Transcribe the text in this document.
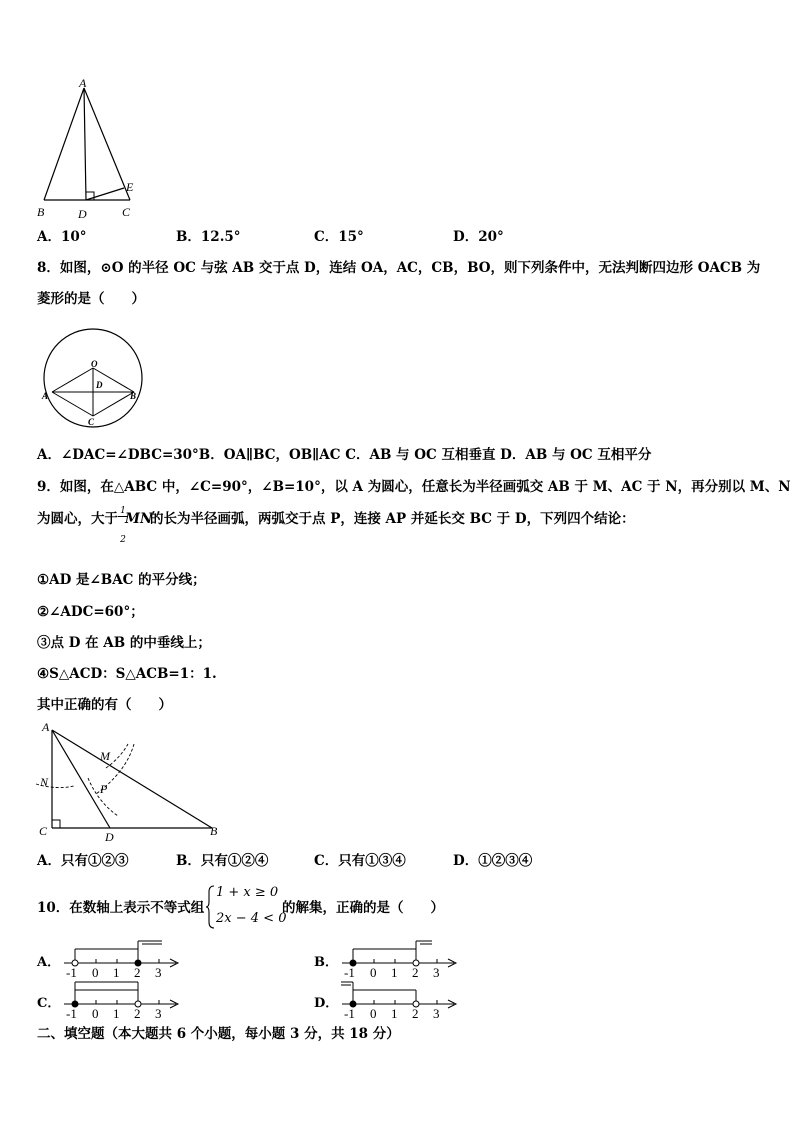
A
B	D	C
E
A．10°	B．12.5°	C．15°	D．20°
8．如图，⊙O 的半径 OC 与弦 AB 交于点 D，连结 OA，AC，CB，BO，则下列条件中，无法判断四边形 OACB 为
菱形的是（　　）
O
D
A	B
C
A．∠DAC=∠DBC=30°B．OA∥BC，OB∥AC C．AB 与 OC 互相垂直 D．AB 与 OC 互相平分
9．如图，在△ABC 中，∠C=90°，∠B=10°，以 A 为圆心，任意长为半径画弧交 AB 于 M、AC 于 N，再分别以 M、N
为圆心，大于 $\frac{1}{2}$
MN
的长为半径画弧，两弧交于点 P，连接 AP 并延长交 BC 于 D，下列四个结论：
①AD 是∠BAC 的平分线；
②∠ADC=60°；
③点 D 在 AB 的中垂线上；
④S△ACD：S△ACB=1：1.
其中正确的有（　　）
A
M
N	P
C	D	B
A．只有①②③	B．只有①②④	C．只有①③④	D．①②③④
10．在数轴上表示不等式组
1 + x ≥ 0
2x − 4 < 0
的解集，正确的是（　　）
A．
-1 0 1 2 3
B．
-1 0 1 2 3
C．
-1 0 1 2 3
D．
-1 0 1 2 3
二、填空题（本大题共 6 个小题，每小题 3 分，共 18 分）
